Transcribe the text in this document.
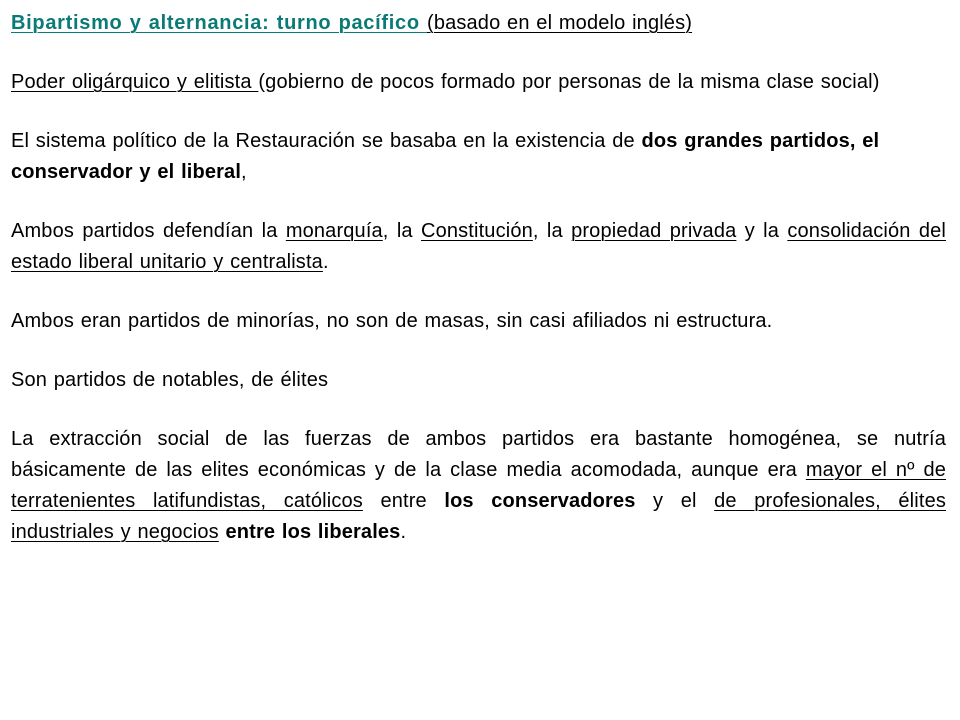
Bipartismo y alternancia: turno pacífico (basado en el modelo inglés)

Poder oligárquico y elitista (gobierno de pocos formado por personas de la misma clase social)

El sistema político de la Restauración se basaba en la existencia de dos grandes partidos, el conservador y el liberal,

Ambos partidos defendían la monarquía, la Constitución, la propiedad privada y la consolidación del estado liberal unitario y centralista.

Ambos eran partidos de minorías, no son de masas, sin casi afiliados ni estructura.

Son partidos de notables, de élites

La extracción social de las fuerzas de ambos partidos era bastante homogénea, se nutría básicamente de las elites económicas y de la clase media acomodada, aunque era mayor el nº de terratenientes latifundistas, católicos entre los conservadores y el de profesionales, élites industriales y negocios entre los liberales.
